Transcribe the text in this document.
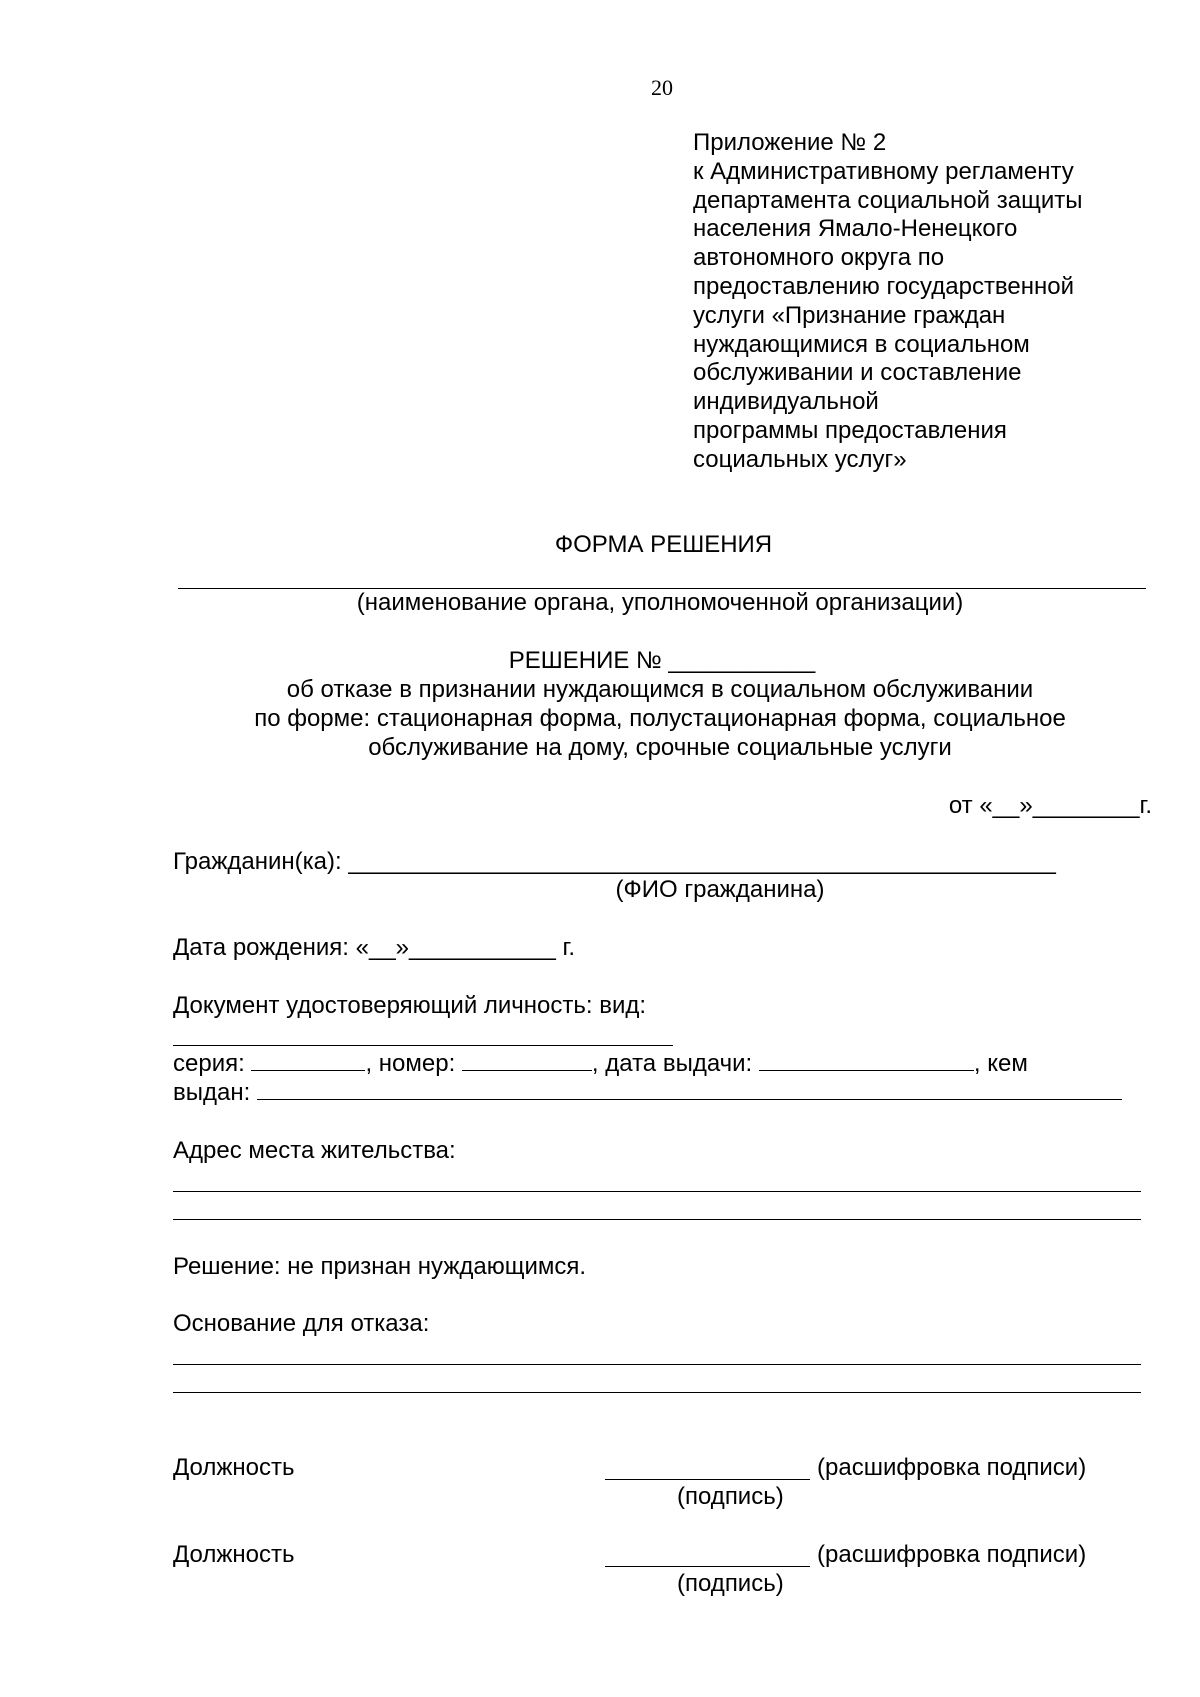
20
Приложение № 2
к Административному регламенту
департамента социальной защиты
населения Ямало-Ненецкого
автономного округа по
предоставлению государственной
услуги «Признание граждан
нуждающимися в социальном
обслуживании и составление
индивидуальной
программы предоставления
социальных услуг»
ФОРМА РЕШЕНИЯ
(наименование органа, уполномоченной организации)
РЕШЕНИЕ № ___________
об отказе в признании нуждающимся в социальном обслуживании
по форме: стационарная форма, полустационарная форма, социальное
обслуживание на дому, срочные социальные услуги
от «__»________г.
Гражданин(ка): _____________________________________________________
(ФИО гражданина)
Дата рождения: «__»___________ г.
Документ удостоверяющий личность: вид:
серия:	, номер:	, дата выдачи:	, кем
выдан:
Адрес места жительства:
Решение: не признан нуждающимся.
Основание для отказа:
Должность	(расшифровка подписи)
(подпись)
Должность	(расшифровка подписи)
(подпись)
